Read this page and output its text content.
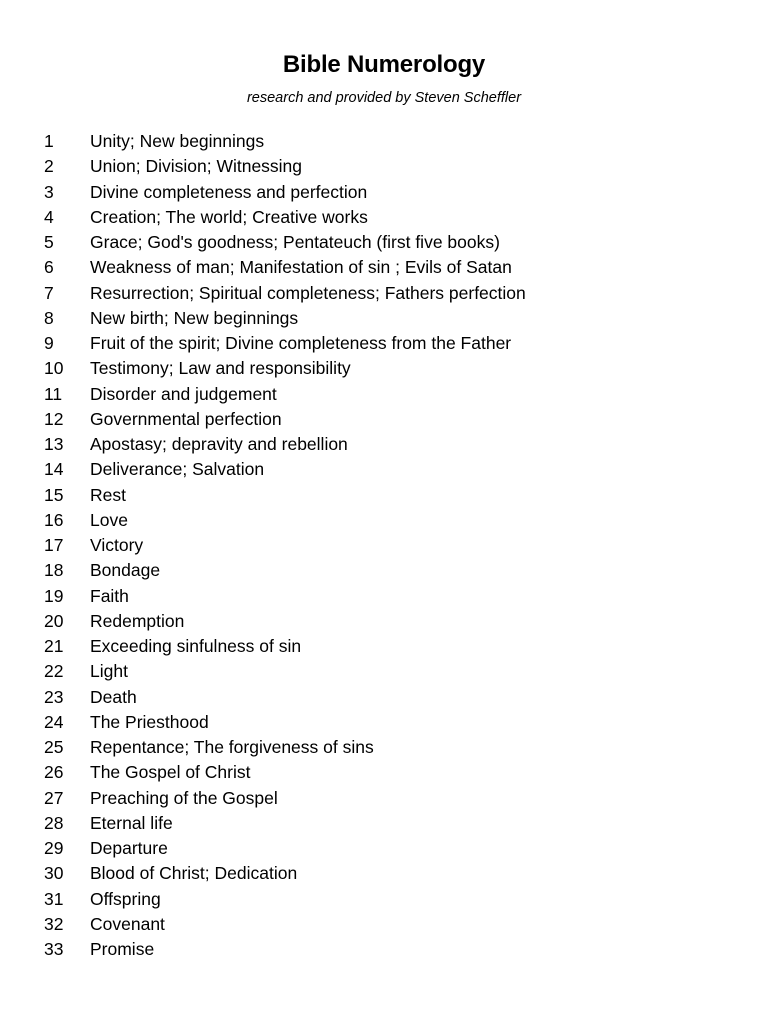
Bible Numerology
research and provided by Steven Scheffler
1	Unity; New beginnings
2	Union; Division; Witnessing
3	Divine completeness and perfection
4	Creation; The world; Creative works
5	Grace; God's goodness; Pentateuch (first five books)
6	Weakness of man; Manifestation of sin ; Evils of Satan
7	Resurrection; Spiritual completeness; Fathers perfection
8	New birth; New beginnings
9	Fruit of the spirit; Divine completeness from the Father
10	Testimony; Law and responsibility
11	Disorder and judgement
12	Governmental perfection
13	Apostasy; depravity and rebellion
14	Deliverance; Salvation
15	Rest
16	Love
17	Victory
18	Bondage
19	Faith
20	Redemption
21	Exceeding sinfulness of sin
22	Light
23	Death
24	The Priesthood
25	Repentance; The forgiveness of sins
26	The Gospel of Christ
27	Preaching of the Gospel
28	Eternal life
29	Departure
30	Blood of Christ; Dedication
31	Offspring
32	Covenant
33	Promise
